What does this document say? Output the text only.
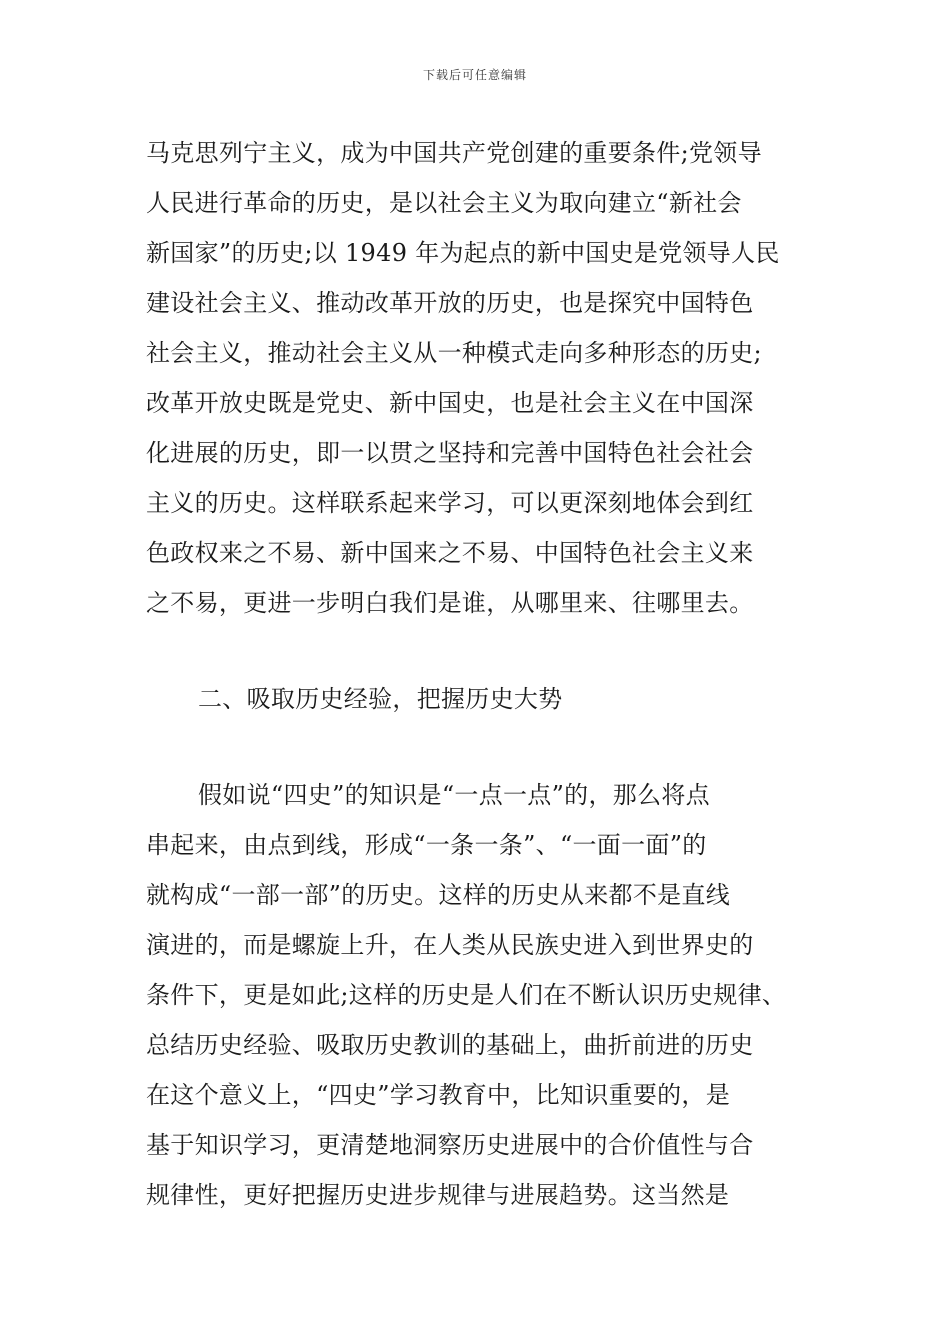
下载后可任意编辑

马克思列宁主义，成为中国共产党创建的重要条件;党领导

人民进行革命的历史，是以社会主义为取向建立“新社会

新国家”的历史;以 1949 年为起点的新中国史是党领导人民

建设社会主义、推动改革开放的历史，也是探究中国特色

社会主义，推动社会主义从一种模式走向多种形态的历史;

改革开放史既是党史、新中国史，也是社会主义在中国深

化进展的历史，即一以贯之坚持和完善中国特色社会社会

主义的历史。这样联系起来学习，可以更深刻地体会到红

色政权来之不易、新中国来之不易、中国特色社会主义来

之不易，更进一步明白我们是谁，从哪里来、往哪里去。

二、吸取历史经验，把握历史大势

假如说“四史”的知识是“一点一点”的，那么将点

串起来，由点到线，形成“一条一条”、“一面一面”的

就构成“一部一部”的历史。这样的历史从来都不是直线

演进的，而是螺旋上升，在人类从民族史进入到世界史的

条件下，更是如此;这样的历史是人们在不断认识历史规律、

总结历史经验、吸取历史教训的基础上，曲折前进的历史

在这个意义上，“四史”学习教育中，比知识重要的，是

基于知识学习，更清楚地洞察历史进展中的合价值性与合

规律性，更好把握历史进步规律与进展趋势。这当然是
